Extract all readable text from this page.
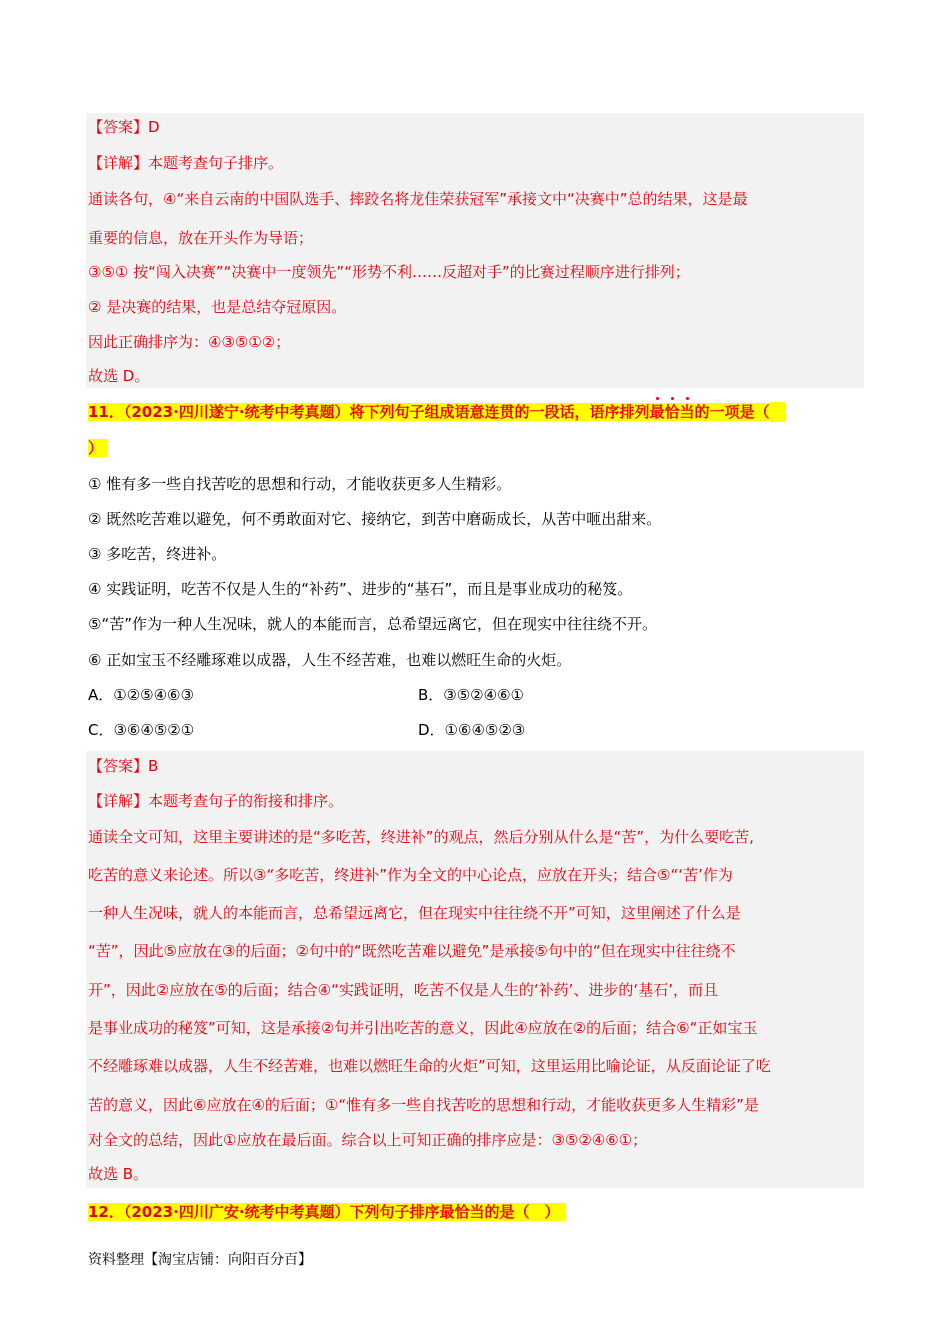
【答案】D
【详解】本题考查句子排序。
通读各句，④“来自云南的中国队选手、摔跤名将龙佳荣获冠军”承接文中“决赛中”总的结果，这是最
重要的信息，放在开头作为导语；
③⑤① 按“闯入决赛”“决赛中一度领先”“形势不利……反超对手”的比赛过程顺序进行排列；
② 是决赛的结果，也是总结夺冠原因。
因此正确排序为：④③⑤①②；
故选 D。
11．（2023·四川遂宁·统考中考真题）将下列句子组成语意连贯的一段话，语序排列最恰当
的一项是（
）
① 惟有多一些自找苦吃的思想和行动，才能收获更多人生精彩。
② 既然吃苦难以避免，何不勇敢面对它、接纳它，到苦中磨砺成长，从苦中咂出甜来。
③ 多吃苦，终进补。
④ 实践证明，吃苦不仅是人生的“补药”、进步的“基石”，而且是事业成功的秘笈。
⑤“苦”作为一种人生况味，就人的本能而言，总希望远离它，但在现实中往往绕不开。
⑥ 正如宝玉不经雕琢难以成器，人生不经苦难，也难以燃旺生命的火炬。
A．①②⑤④⑥③	B．③⑤②④⑥①
C．③⑥④⑤②①	D．①⑥④⑤②③
【答案】B
【详解】本题考查句子的衔接和排序。
通读全文可知，这里主要讲述的是“多吃苦，终进补”的观点，然后分别从什么是“苦”，为什么要吃苦,
吃苦的意义来论述。所以③“多吃苦，终进补”作为全文的中心论点，应放在开头；结合⑤“‘苦’作为
一种人生况味，就人的本能而言，总希望远离它，但在现实中往往绕不开”可知，这里阐述了什么是
“苦”，因此⑤应放在③的后面；②句中的“既然吃苦难以避免”是承接⑤句中的“但在现实中往往绕不
开”，因此②应放在⑤的后面；结合④“实践证明，吃苦不仅是人生的‘补药’、进步的‘基石’，而且
是事业成功的秘笈”可知，这是承接②句并引出吃苦的意义，因此④应放在②的后面；结合⑥“正如宝玉
不经雕琢难以成器，人生不经苦难，也难以燃旺生命的火炬”可知，这里运用比喻论证，从反面论证了吃
苦的意义，因此⑥应放在④的后面；①“惟有多一些自找苦吃的思想和行动，才能收获更多人生精彩”是
对全文的总结，因此①应放在最后面。综合以上可知正确的排序应是：③⑤②④⑥①；
故选 B。
12．（2023·四川广安·统考中考真题）下列句子排序最恰当的是（　）
资料整理【淘宝店铺：向阳百分百】
